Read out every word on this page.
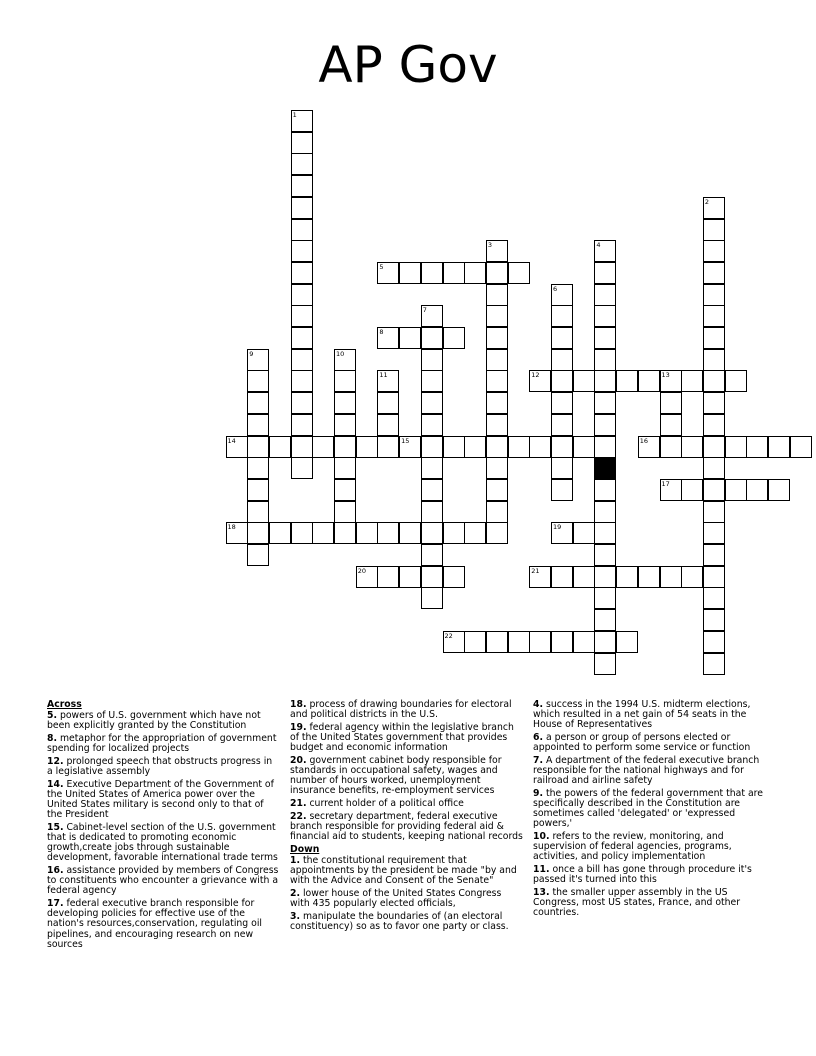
AP Gov
1
2
3	4
5
6
7
8
9	10
11	12	13
14	15	16
17
18	19
20	21
22
Across
5. powers of U.S. government which have not been explicitly granted by the Constitution
8. metaphor for the appropriation of government spending for localized projects
12. prolonged speech that obstructs progress in a legislative assembly
14. Executive Department of the Government of the United States of America power over the United States military is second only to that of the President
15. Cabinet-level section of the U.S. government that is dedicated to promoting economic growth,create jobs through sustainable development, favorable international trade terms
16. assistance provided by members of Congress to constituents who encounter a grievance with a federal agency
17. federal executive branch responsible for developing policies for effective use of the nation's resources,conservation, regulating oil pipelines, and encouraging research on new sources
18. process of drawing boundaries for electoral and political districts in the U.S.
19. federal agency within the legislative branch of the United States government that provides budget and economic information
20. government cabinet body responsible for standards in occupational safety, wages and number of hours worked, unemployment insurance benefits, re-employment services
21. current holder of a political office
22. secretary department, federal executive branch responsible for providing federal aid & financial aid to students, keeping national records
Down
1. the constitutional requirement that appointments by the president be made "by and with the Advice and Consent of the Senate"
2. lower house of the United States Congress with 435 popularly elected officials,
3. manipulate the boundaries of (an electoral constituency) so as to favor one party or class.
4. success in the 1994 U.S. midterm elections, which resulted in a net gain of 54 seats in the House of Representatives
6. a person or group of persons elected or appointed to perform some service or function
7. A department of the federal executive branch responsible for the national highways and for railroad and airline safety
9. the powers of the federal government that are specifically described in the Constitution are sometimes called 'delegated' or 'expressed powers,'
10. refers to the review, monitoring, and supervision of federal agencies, programs, activities, and policy implementation
11. once a bill has gone through procedure it's passed it's turned into this
13. the smaller upper assembly in the US Congress, most US states, France, and other countries.
